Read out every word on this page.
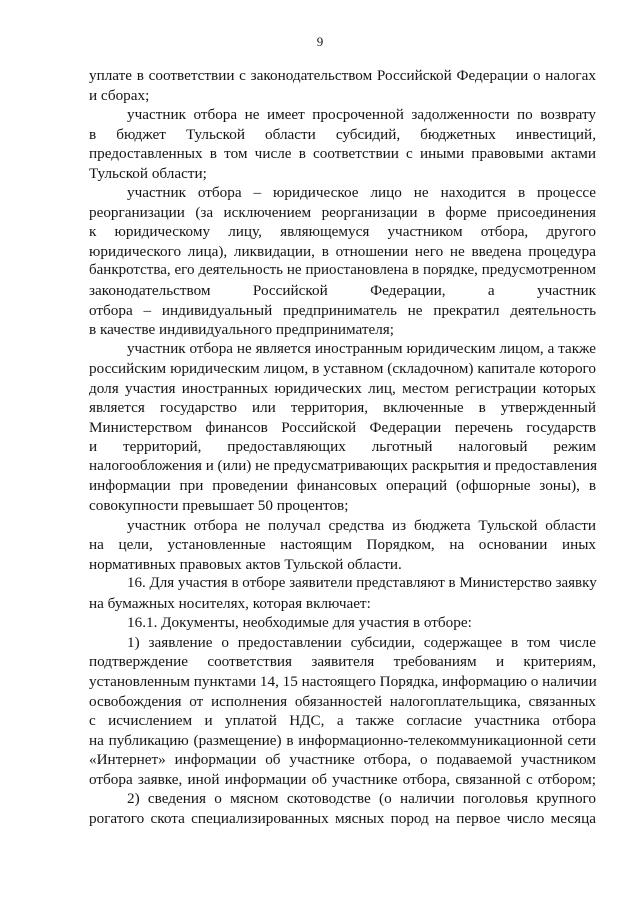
9
уплате в соответствии с законодательством Российской Федерации о налогах
и сборах;
участник отбора не имеет просроченной задолженности по возврату
в бюджет Тульской области субсидий, бюджетных инвестиций,
предоставленных в том числе в соответствии с иными правовыми актами
Тульской области;
участник отбора – юридическое лицо не находится в процессе
реорганизации (за исключением реорганизации в форме присоединения
к юридическому лицу, являющемуся участником отбора, другого
юридического лица), ликвидации, в отношении него не введена процедура
банкротства, его деятельность не приостановлена в порядке, предусмотренном
законодательством Российской Федерации, а участник
отбора – индивидуальный предприниматель не прекратил деятельность
в качестве индивидуального предпринимателя;
участник отбора не является иностранным юридическим лицом, а также
российским юридическим лицом, в уставном (складочном) капитале которого
доля участия иностранных юридических лиц, местом регистрации которых
является государство или территория, включенные в утвержденный
Министерством финансов Российской Федерации перечень государств
и территорий, предоставляющих льготный налоговый режим
налогообложения и (или) не предусматривающих раскрытия и предоставления
информации при проведении финансовых операций (офшорные зоны), в
совокупности превышает 50 процентов;
участник отбора не получал средства из бюджета Тульской области
на цели, установленные настоящим Порядком, на основании иных
нормативных правовых актов Тульской области.
16. Для участия в отборе заявители представляют в Министерство заявку
на бумажных носителях, которая включает:
16.1. Документы, необходимые для участия в отборе:
1) заявление о предоставлении субсидии, содержащее в том числе
подтверждение соответствия заявителя требованиям и критериям,
установленным пунктами 14, 15 настоящего Порядка, информацию о наличии
освобождения от исполнения обязанностей налогоплательщика, связанных
с исчислением и уплатой НДС, а также согласие участника отбора
на публикацию (размещение) в информационно-телекоммуникационной сети
«Интернет» информации об участнике отбора, о подаваемой участником
отбора заявке, иной информации об участнике отбора, связанной с отбором;
2) сведения о мясном скотоводстве (о наличии поголовья крупного
рогатого скота специализированных мясных пород на первое число месяца
